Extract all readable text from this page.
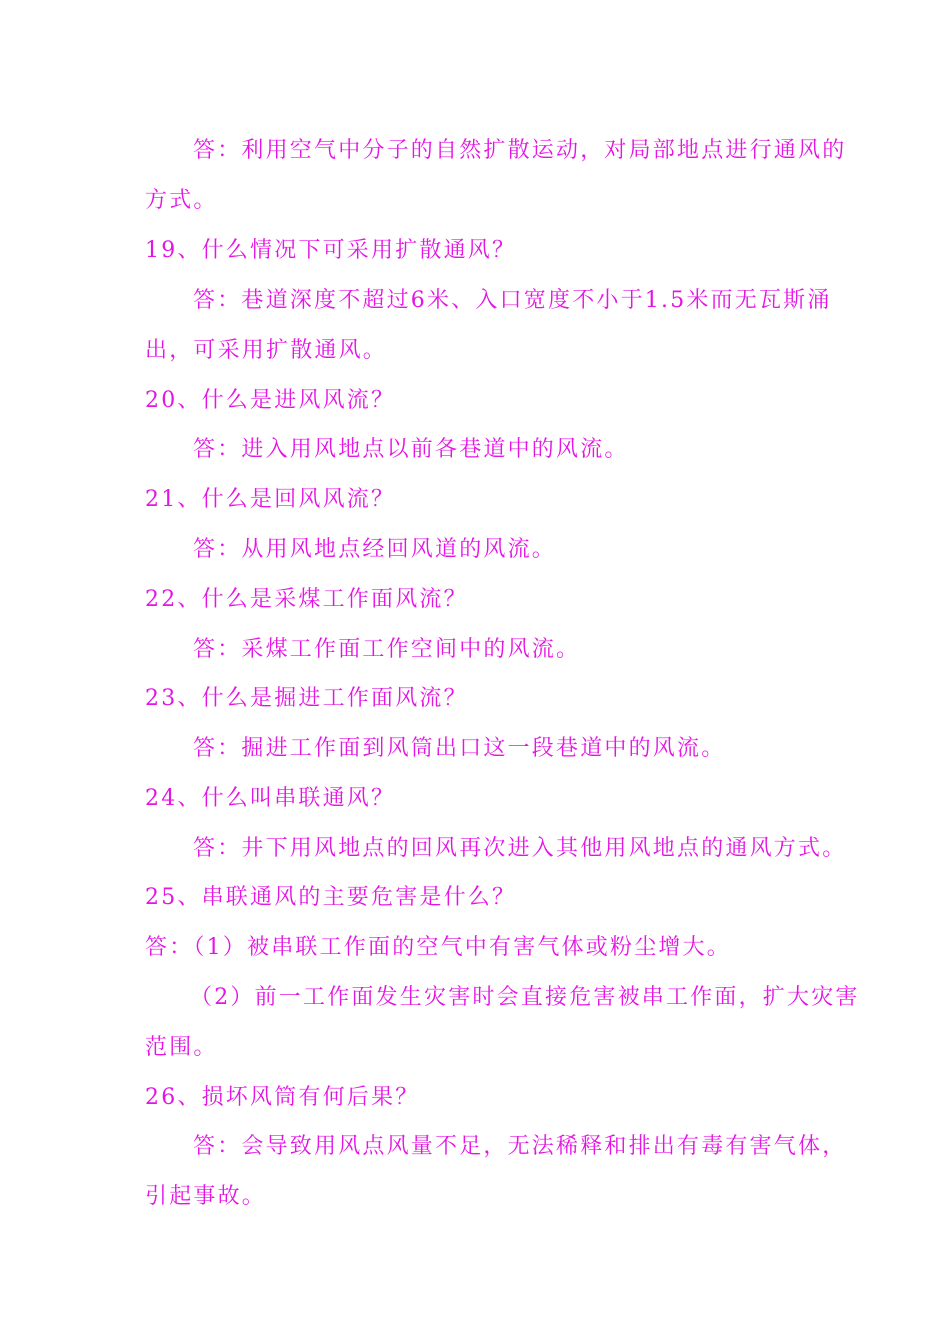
答：利用空气中分子的自然扩散运动，对局部地点进行通风的

方式。

19、什么情况下可采用扩散通风？

答：巷道深度不超过6米、入口宽度不小于1.5米而无瓦斯涌

出，可采用扩散通风。

20、什么是进风风流？

答：进入用风地点以前各巷道中的风流。

21、什么是回风风流？

答：从用风地点经回风道的风流。

22、什么是采煤工作面风流？

答：采煤工作面工作空间中的风流。

23、什么是掘进工作面风流？

答：掘进工作面到风筒出口这一段巷道中的风流。

24、什么叫串联通风？

答：井下用风地点的回风再次进入其他用风地点的通风方式。

25、串联通风的主要危害是什么？

答：（1）被串联工作面的空气中有害气体或粉尘增大。

（2）前一工作面发生灾害时会直接危害被串工作面，扩大灾害

范围。

26、损坏风筒有何后果？

答：会导致用风点风量不足，无法稀释和排出有毒有害气体，

引起事故。
